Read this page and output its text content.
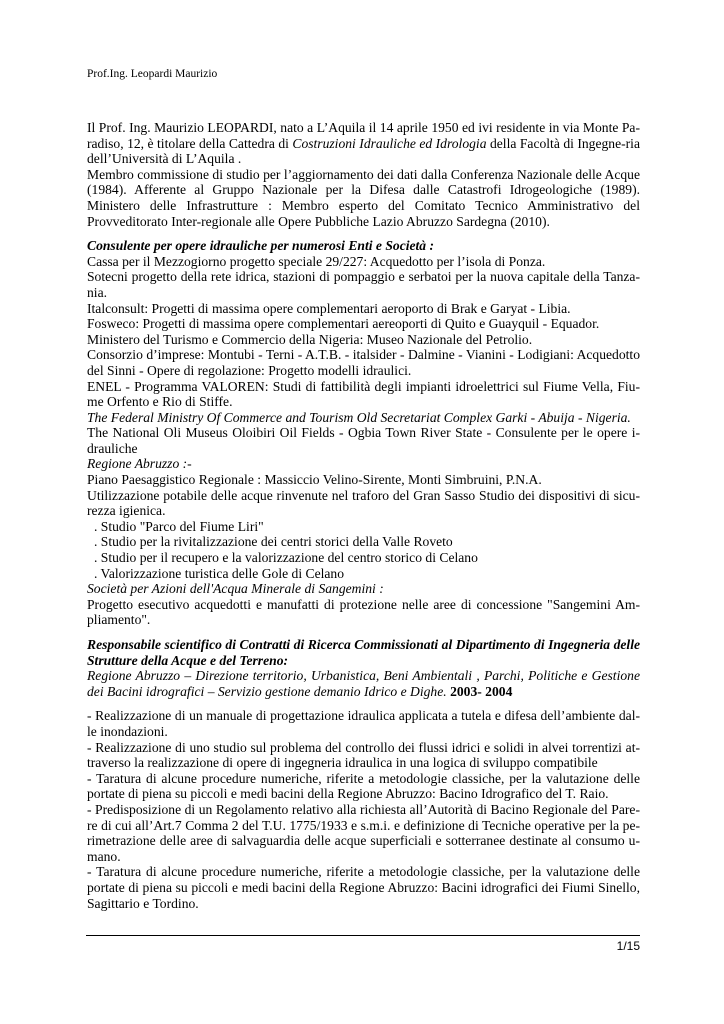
Prof.Ing. Leopardi Maurizio

Il Prof. Ing. Maurizio LEOPARDI, nato a L’Aquila il 14 aprile 1950 ed ivi residente in via Monte Pa-radiso, 12, è titolare della Cattedra di Costruzioni Idrauliche ed Idrologia della Facoltà di Ingegne-ria dell’Università di L’Aquila .

Membro commissione di studio per l’aggiornamento dei dati dalla Conferenza Nazionale delle Acque (1984). Afferente al Gruppo Nazionale per la Difesa dalle Catastrofi Idrogeologiche (1989). Ministero delle Infrastrutture : Membro esperto del Comitato Tecnico Amministrativo del Provveditorato Inter-regionale alle Opere Pubbliche Lazio Abruzzo Sardegna (2010).

Consulente per opere idrauliche per numerosi Enti e Società :

Cassa per il Mezzogiorno progetto speciale 29/227: Acquedotto per l’isola di Ponza.

Sotecni progetto della rete idrica, stazioni di pompaggio e serbatoi per la nuova capitale della Tanza-nia.

Italconsult: Progetti di massima opere complementari aeroporto di Brak e Garyat - Libia.

Fosweco: Progetti di massima opere complementari aereoporti di Quito e Guayquil - Equador.

Ministero del Turismo e Commercio della Nigeria: Museo Nazionale del Petrolio.

Consorzio d’imprese: Montubi - Terni - A.T.B. - italsider - Dalmine - Vianini - Lodigiani: Acquedotto del Sinni - Opere di regolazione: Progetto modelli idraulici.

ENEL - Programma VALOREN: Studi di fattibilità degli impianti idroelettrici sul Fiume Vella, Fiu-me Orfento e Rio di Stiffe.

The Federal Ministry Of Commerce and Tourism Old Secretariat Complex Garki - Abuija - Nigeria.

The National Oli Museus Oloibiri Oil Fields - Ogbia Town River State - Consulente per le opere i-drauliche

Regione Abruzzo :-

Piano Paesaggistico Regionale : Massiccio Velino-Sirente, Monti Simbruini, P.N.A.

Utilizzazione potabile delle acque rinvenute nel traforo del Gran Sasso Studio dei dispositivi di sicu-rezza igienica.

. Studio "Parco del Fiume Liri"

. Studio per la rivitalizzazione dei centri storici della Valle Roveto

. Studio per il recupero e la valorizzazione del centro storico di Celano

. Valorizzazione turistica delle Gole di Celano

Società per Azioni dell'Acqua Minerale di Sangemini :

Progetto esecutivo acquedotti e manufatti di protezione nelle aree di concessione "Sangemini Am-pliamento".

Responsabile scientifico di Contratti di Ricerca Commissionati al Dipartimento di Ingegneria delle Strutture della Acque e del Terreno:

Regione Abruzzo – Direzione territorio, Urbanistica, Beni Ambientali , Parchi, Politiche e Gestione dei Bacini idrografici – Servizio gestione demanio Idrico e Dighe. 2003- 2004

- Realizzazione di un manuale di progettazione idraulica applicata a tutela e difesa dell’ambiente dal-le inondazioni.

- Realizzazione di uno studio sul problema del controllo dei flussi idrici e solidi in alvei torrentizi at-traverso la realizzazione di opere di ingegneria idraulica in una logica di sviluppo compatibile

- Taratura di alcune procedure numeriche, riferite a metodologie classiche, per la valutazione delle portate di piena su piccoli e medi bacini della Regione Abruzzo: Bacino Idrografico del T. Raio.

- Predisposizione di un Regolamento relativo alla richiesta all’Autorità di Bacino Regionale del Pare-re di cui all’Art.7 Comma 2 del T.U. 1775/1933 e s.m.i. e definizione di Tecniche operative per la pe-rimetrazione delle aree di salvaguardia delle acque superficiali e sotterranee destinate al consumo u-mano.

- Taratura di alcune procedure numeriche, riferite a metodologie classiche, per la valutazione delle portate di piena su piccoli e medi bacini della Regione Abruzzo: Bacini idrografici dei Fiumi Sinello, Sagittario e Tordino.

1/15
